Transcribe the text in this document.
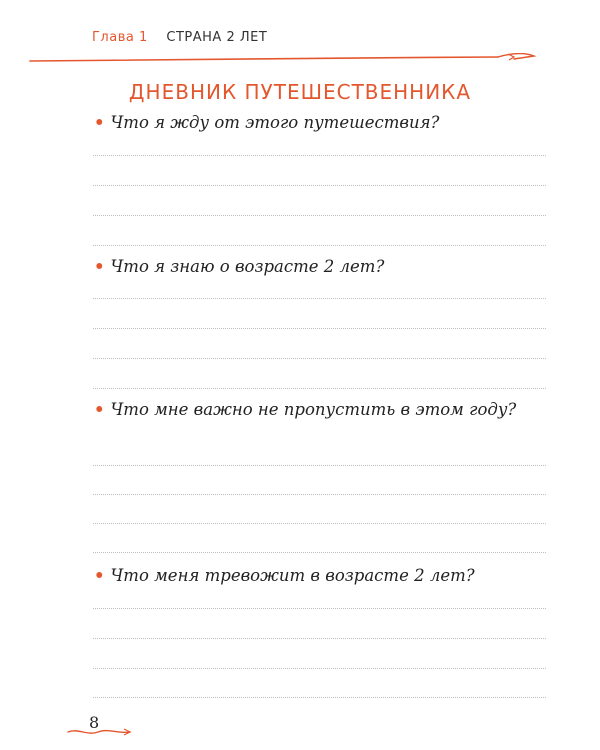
Глава 1 СТРАНА 2 ЛЕТ
ДНЕВНИК ПУТЕШЕСТВЕННИКА
• Что я жду от этого путешествия?
• Что я знаю о возрасте 2 лет?
• Что мне важно не пропустить в этом году?
• Что меня тревожит в возрасте 2 лет?
8
